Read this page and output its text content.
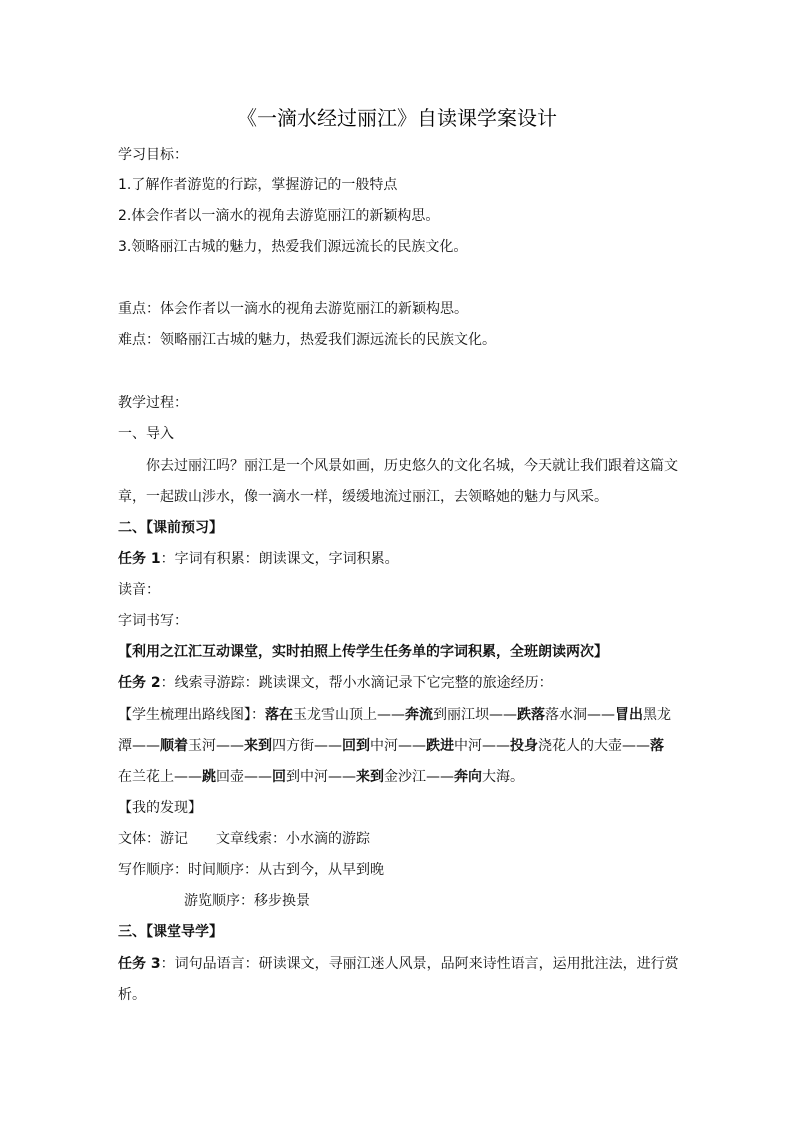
《一滴水经过丽江》自读课学案设计
学习目标：
1.了解作者游览的行踪，掌握游记的一般特点
2.体会作者以一滴水的视角去游览丽江的新颖构思。
3.领略丽江古城的魅力，热爱我们源远流长的民族文化。
重点：体会作者以一滴水的视角去游览丽江的新颖构思。
难点：领略丽江古城的魅力，热爱我们源远流长的民族文化。
教学过程：
一、导入
你去过丽江吗？丽江是一个风景如画，历史悠久的文化名城，今天就让我们跟着这篇文
章，一起跋山涉水，像一滴水一样，缓缓地流过丽江，去领略她的魅力与风采。
二、【课前预习】
任务 1：字词有积累：朗读课文，字词积累。
读音：
字词书写：
【利用之江汇互动课堂，实时拍照上传学生任务单的字词积累，全班朗读两次】
任务 2：线索寻游踪：跳读课文，帮小水滴记录下它完整的旅途经历：
【学生梳理出路线图】：落在玉龙雪山顶上——奔流到丽江坝——跌落落水洞——冒出黑龙
潭——顺着玉河——来到四方街——回到中河——跌进中河——投身浇花人的大壶——落
在兰花上——跳回壶——回到中河——来到金沙江——奔向大海。
【我的发现】
文体：游记 文章线索：小水滴的游踪
写作顺序：时间顺序：从古到今，从早到晚
游览顺序：移步换景
三、【课堂导学】
任务 3：词句品语言：研读课文，寻丽江迷人风景，品阿来诗性语言，运用批注法，进行赏
析。
